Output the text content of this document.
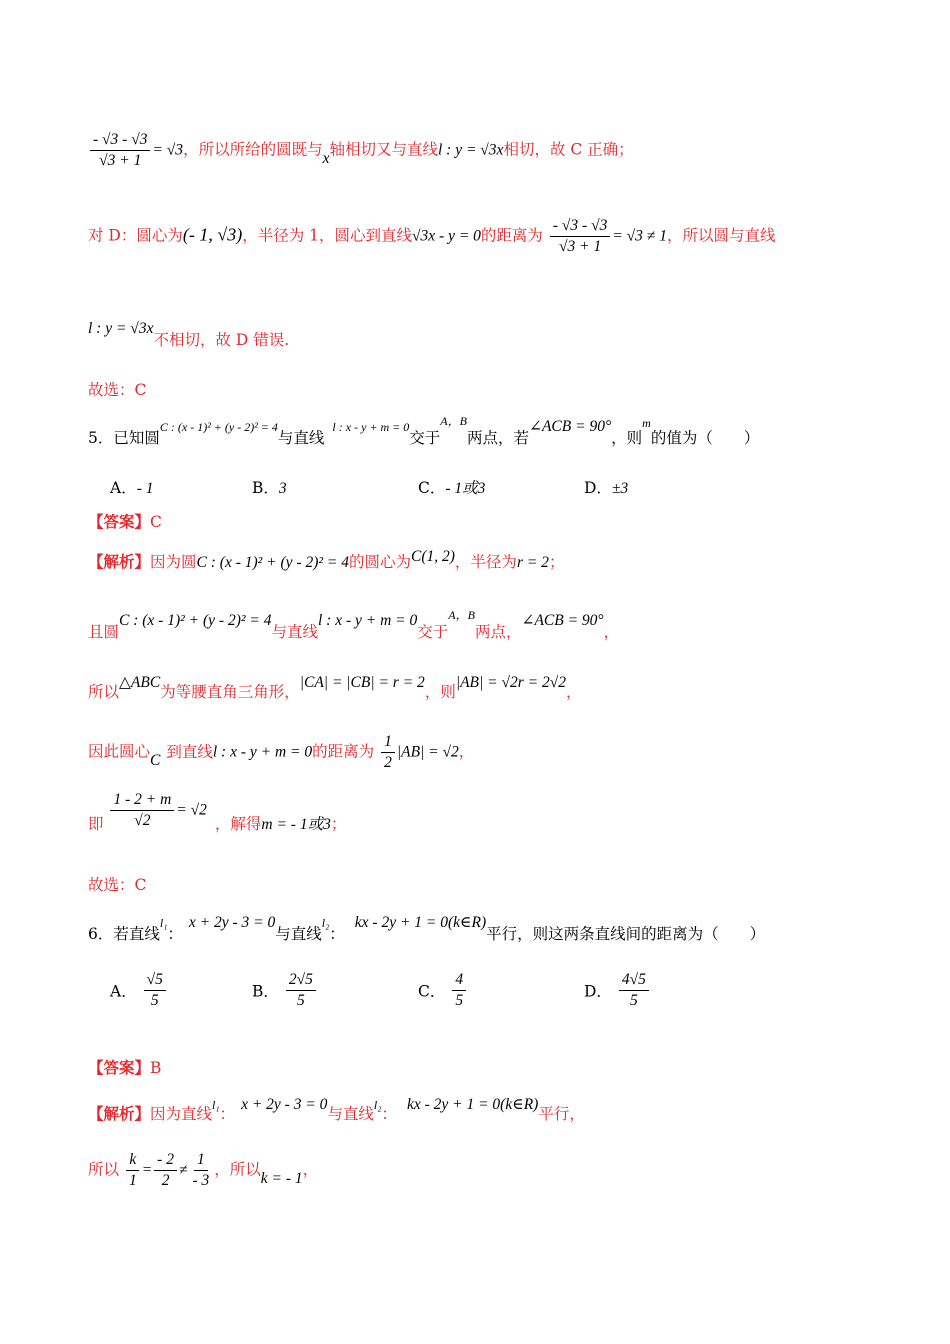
$\frac{- √3 - √3}{√3 + 1} = √3$，所以所给的圆既与x轴相切又与直线l : y = √3x相切，故 C 正确；
对 D：圆心为(- 1, √3)，半径为 1，圆心到直线√3x - y = 0的距离为 $\frac{- √3 - √3}{√3 + 1} = √3 \ne 1$，所以圆与直线
l : y = √3x不相切，故 D 错误.
故选：C
5．已知圆C : (x - 1)² + (y - 2)² = 4与直线l : x - y + m = 0交于$^{A,B}$两点，若∠ACB = 90°，则$^m$的值为（　　）
A．- 1	B．3	C．- 1或3	D．±3
【答案】C
【解析】因为圆C : (x - 1)² + (y - 2)² = 4的圆心为C(1, 2)，半径为r = 2；
且圆C : (x - 1)² + (y - 2)² = 4与直线l : x - y + m = 0交于$^{A,B}$两点，∠ACB = 90°，
所以△ABC为等腰直角三角形，|CA| = |CB| = r = 2，则|AB| = √2r = 2√2，
因此圆心C 到直线l : x - y + m = 0的距离为 $\frac{1}{2} |AB| = √2$，
即 $\frac{1 - 2 + m}{√2} = √2$，解得m = - 1或3；
故选：C
6．若直线l₁：x + 2y - 3 = 0与直线l₂：kx - 2y + 1 = 0(k∈R)平行，则这两条直线间的距离为（　　）
A． $\frac{√5}{5}$	B． $\frac{2√5}{5}$	C． $\frac{4}{5}$	D． $\frac{4√5}{5}$
【答案】B
【解析】因为直线l₁：x + 2y - 3 = 0与直线l₂：kx - 2y + 1 = 0(k∈R)平行，
所以 $\frac{k}{1} = \frac{- 2}{2} \ne \frac{1}{- 3}$ ，所以k = - 1，
